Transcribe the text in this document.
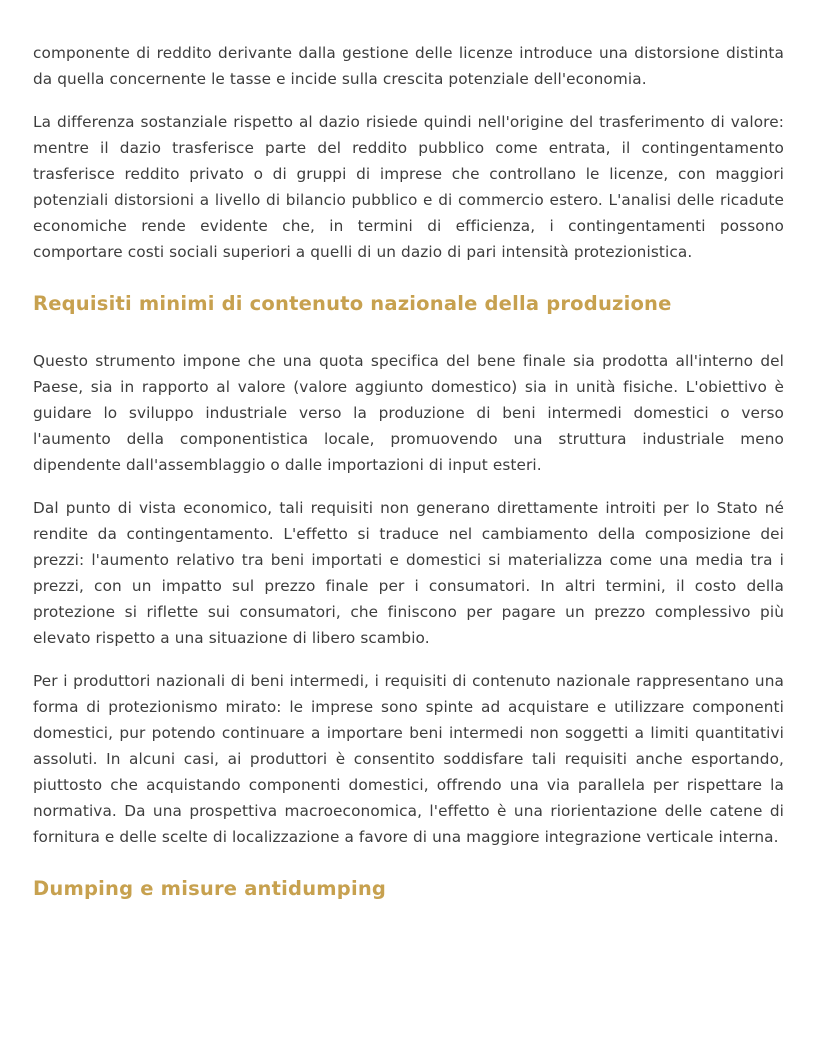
componente di reddito derivante dalla gestione delle licenze introduce una distorsione distinta da quella concernente le tasse e incide sulla crescita potenziale dell'economia.

La differenza sostanziale rispetto al dazio risiede quindi nell'origine del trasferimento di valore: mentre il dazio trasferisce parte del reddito pubblico come entrata, il contingentamento trasferisce reddito privato o di gruppi di imprese che controllano le licenze, con maggiori potenziali distorsioni a livello di bilancio pubblico e di commercio estero. L'analisi delle ricadute economiche rende evidente che, in termini di efficienza, i contingentamenti possono comportare costi sociali superiori a quelli di un dazio di pari intensità protezionistica.

Requisiti minimi di contenuto nazionale della produzione

Questo strumento impone che una quota specifica del bene finale sia prodotta all'interno del Paese, sia in rapporto al valore (valore aggiunto domestico) sia in unità fisiche. L'obiettivo è guidare lo sviluppo industriale verso la produzione di beni intermedi domestici o verso l'aumento della componentistica locale, promuovendo una struttura industriale meno dipendente dall'assemblaggio o dalle importazioni di input esteri.

Dal punto di vista economico, tali requisiti non generano direttamente introiti per lo Stato né rendite da contingentamento. L'effetto si traduce nel cambiamento della composizione dei prezzi: l'aumento relativo tra beni importati e domestici si materializza come una media tra i prezzi, con un impatto sul prezzo finale per i consumatori. In altri termini, il costo della protezione si riflette sui consumatori, che finiscono per pagare un prezzo complessivo più elevato rispetto a una situazione di libero scambio.

Per i produttori nazionali di beni intermedi, i requisiti di contenuto nazionale rappresentano una forma di protezionismo mirato: le imprese sono spinte ad acquistare e utilizzare componenti domestici, pur potendo continuare a importare beni intermedi non soggetti a limiti quantitativi assoluti. In alcuni casi, ai produttori è consentito soddisfare tali requisiti anche esportando, piuttosto che acquistando componenti domestici, offrendo una via parallela per rispettare la normativa. Da una prospettiva macroeconomica, l'effetto è una riorientazione delle catene di fornitura e delle scelte di localizzazione a favore di una maggiore integrazione verticale interna.

Dumping e misure antidumping
